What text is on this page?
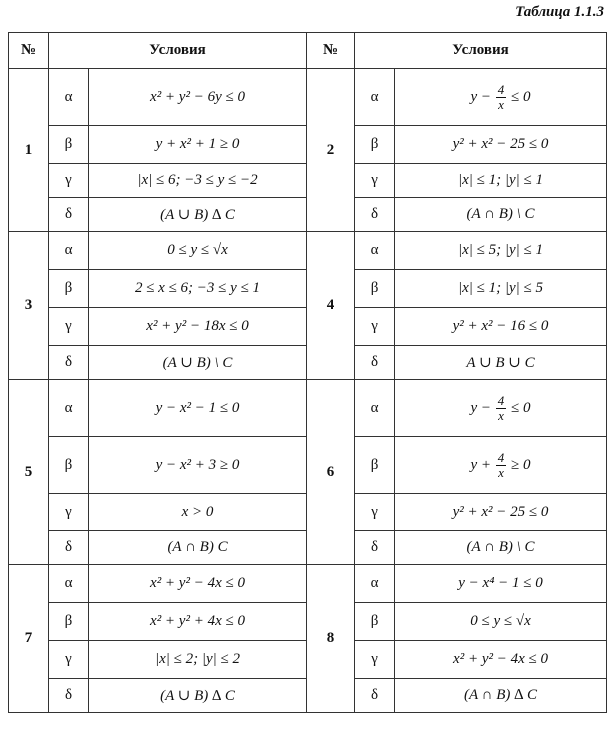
Таблица 1.1.3
№	Условия		№	Условия	
1	α	x² + y² − 6y ≤ 0	2	α	$y - \frac{4}{x} \le 0$
	β	y + x² + 1 ≥ 0		β	y² + x² − 25 ≤ 0
	γ	|x| ≤ 6; −3 ≤ y ≤ −2		γ	|x| ≤ 1; |y| ≤ 1
	δ	(A ∪ B) ∆ C		δ	(A ∩ B) \ C
3	α	0 ≤ y ≤ √x	4	α	|x| ≤ 5; |y| ≤ 1
	β	2 ≤ x ≤ 6; −3 ≤ y ≤ 1		β	|x| ≤ 1; |y| ≤ 5
	γ	x² + y² − 18x ≤ 0		γ	y² + x² − 16 ≤ 0
	δ	(A ∪ B) \ C		δ	A ∪ B ∪ C
5	α	y − x² − 1 ≤ 0	6	α	$y - \frac{4}{x} \le 0$
	β	y − x² + 3 ≥ 0		β	$y + \frac{4}{x} \ge 0$
	γ	x > 0		γ	y² + x² − 25 ≤ 0
	δ	(A ∩ B) C		δ	(A ∩ B) \ C
7	α	x² + y² − 4x ≤ 0	8	α	y − x⁴ − 1 ≤ 0
	β	x² + y² + 4x ≤ 0		β	0 ≤ y ≤ √x
	γ	|x| ≤ 2; |y| ≤ 2		γ	x² + y² − 4x ≤ 0
	δ	(A ∪ B) ∆ C		δ	(A ∩ B) ∆ C
